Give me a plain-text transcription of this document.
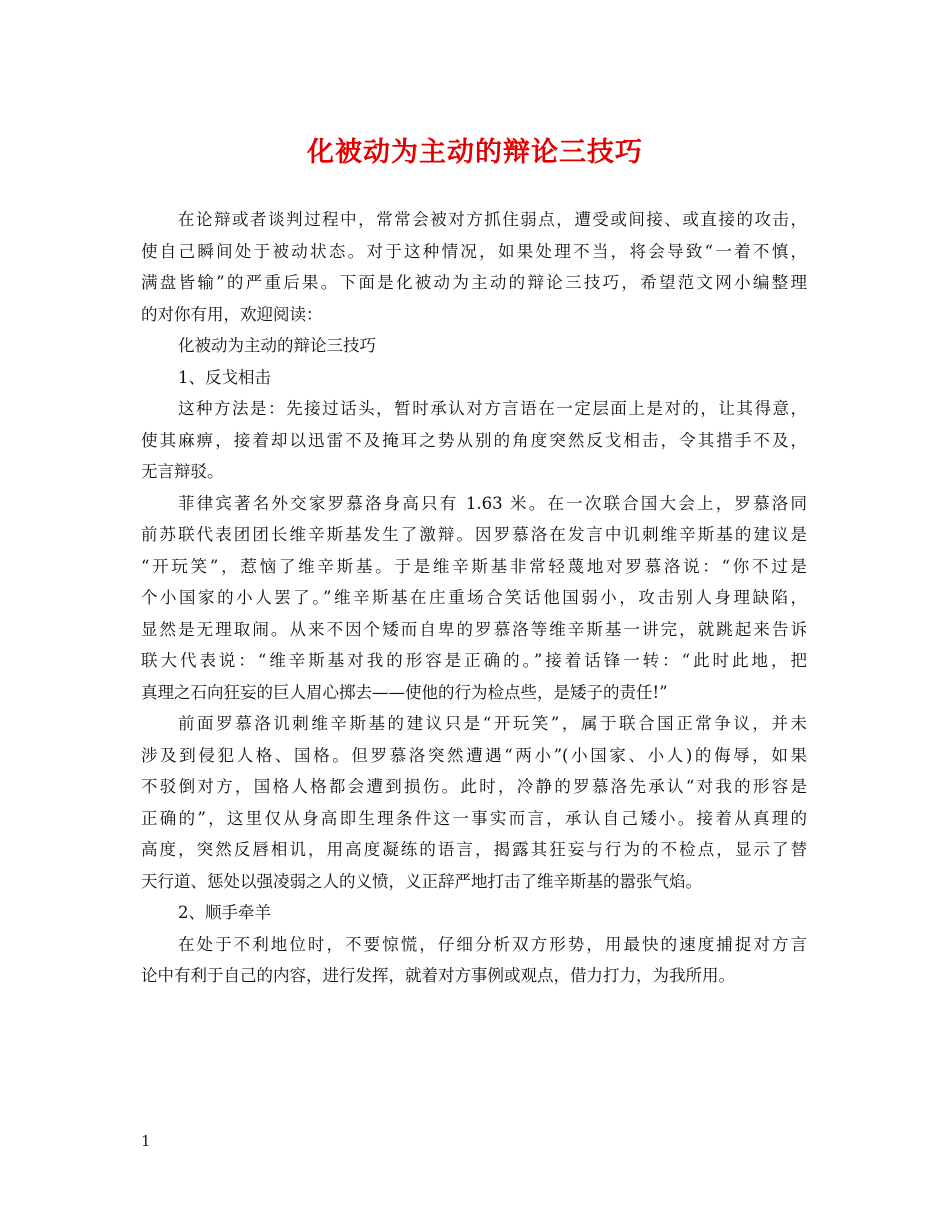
化被动为主动的辩论三技巧
在论辩或者谈判过程中，常常会被对方抓住弱点，遭受或间接、或直接的攻击，
使自己瞬间处于被动状态。对于这种情况，如果处理不当，将会导致“一着不慎，
满盘皆输”的严重后果。下面是化被动为主动的辩论三技巧，希望范文网小编整理
的对你有用，欢迎阅读：
化被动为主动的辩论三技巧
1、反戈相击
这种方法是：先接过话头，暂时承认对方言语在一定层面上是对的，让其得意，
使其麻痹，接着却以迅雷不及掩耳之势从别的角度突然反戈相击，令其措手不及，
无言辩驳。
菲律宾著名外交家罗慕洛身高只有 1.63 米。在一次联合国大会上，罗慕洛同
前苏联代表团团长维辛斯基发生了激辩。因罗慕洛在发言中讥刺维辛斯基的建议是
“开玩笑”，惹恼了维辛斯基。于是维辛斯基非常轻蔑地对罗慕洛说：“你不过是
个小国家的小人罢了。”维辛斯基在庄重场合笑话他国弱小，攻击别人身理缺陷，
显然是无理取闹。从来不因个矮而自卑的罗慕洛等维辛斯基一讲完，就跳起来告诉
联大代表说：“维辛斯基对我的形容是正确的。”接着话锋一转：“此时此地，把
真理之石向狂妄的巨人眉心掷去——使他的行为检点些，是矮子的责任!”
前面罗慕洛讥刺维辛斯基的建议只是“开玩笑”，属于联合国正常争议，并未
涉及到侵犯人格、国格。但罗慕洛突然遭遇“两小”(小国家、小人)的侮辱，如果
不驳倒对方，国格人格都会遭到损伤。此时，冷静的罗慕洛先承认“对我的形容是
正确的”，这里仅从身高即生理条件这一事实而言，承认自己矮小。接着从真理的
高度，突然反唇相讥，用高度凝练的语言，揭露其狂妄与行为的不检点，显示了替
天行道、惩处以强凌弱之人的义愤，义正辞严地打击了维辛斯基的嚣张气焰。
2、顺手牵羊
在处于不利地位时，不要惊慌，仔细分析双方形势，用最快的速度捕捉对方言
论中有利于自己的内容，进行发挥，就着对方事例或观点，借力打力，为我所用。
1
